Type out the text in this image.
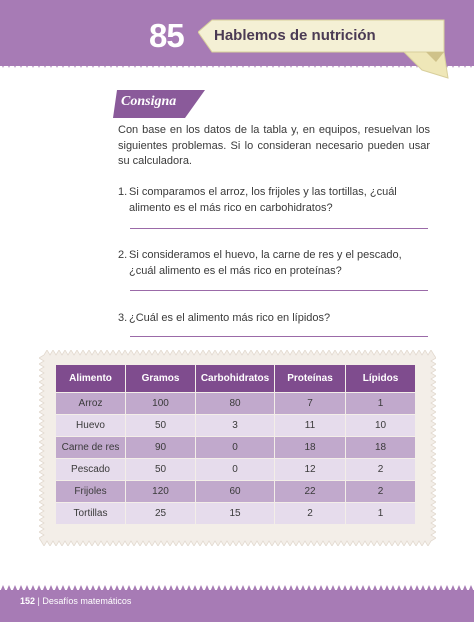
85 Hablemos de nutrición
Consigna
Con base en los datos de la tabla y, en equipos, resuelvan los siguientes problemas. Si lo consideran necesario pueden usar su calculadora.
1. Si comparamos el arroz, los frijoles y las tortillas, ¿cuál alimento es el más rico en carbohidratos?
2. Si consideramos el huevo, la carne de res y el pescado, ¿cuál alimento es el más rico en proteínas?
3. ¿Cuál es el alimento más rico en lípidos?
Alimento	Gramos	Carbohidratos	Proteínas	Lípidos
Arroz	100	80	7	1
Huevo	50	3	11	10
Carne de res	90	0	18	18
Pescado	50	0	12	2
Frijoles	120	60	22	2
Tortillas	25	15	2	1
152 | Desafíos matemáticos
